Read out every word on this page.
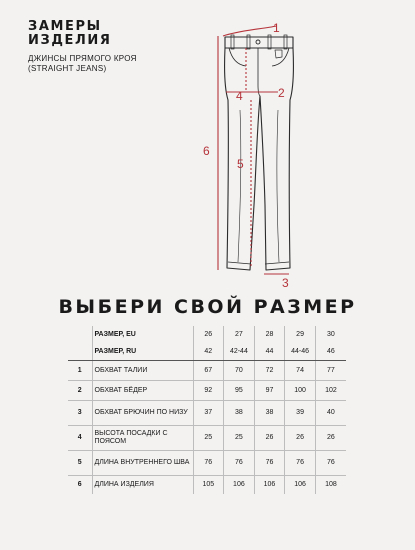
ЗАМЕРЫ
ИЗДЕЛИЯ
ДЖИНСЫ ПРЯМОГО КРОЯ
(STRAIGHT JEANS)
1
2
3
4
5
6
ВЫБЕРИ СВОЙ РАЗМЕР
	РАЗМЕР, EU	26	27	28	29	30
	РАЗМЕР, RU	42	42-44	44	44-46	46
1	ОБХВАТ ТАЛИИ	67	70	72	74	77
2	ОБХВАТ БЁДЕР	92	95	97	100	102
3	ОБХВАТ БРЮЧИН ПО НИЗУ	37	38	38	39	40
4	ВЫСОТА ПОСАДКИ С ПОЯСОМ	25	25	26	26	26
5	ДЛИНА ВНУТРЕННЕГО ШВА	76	76	76	76	76
6	ДЛИНА ИЗДЕЛИЯ	105	106	106	106	108
